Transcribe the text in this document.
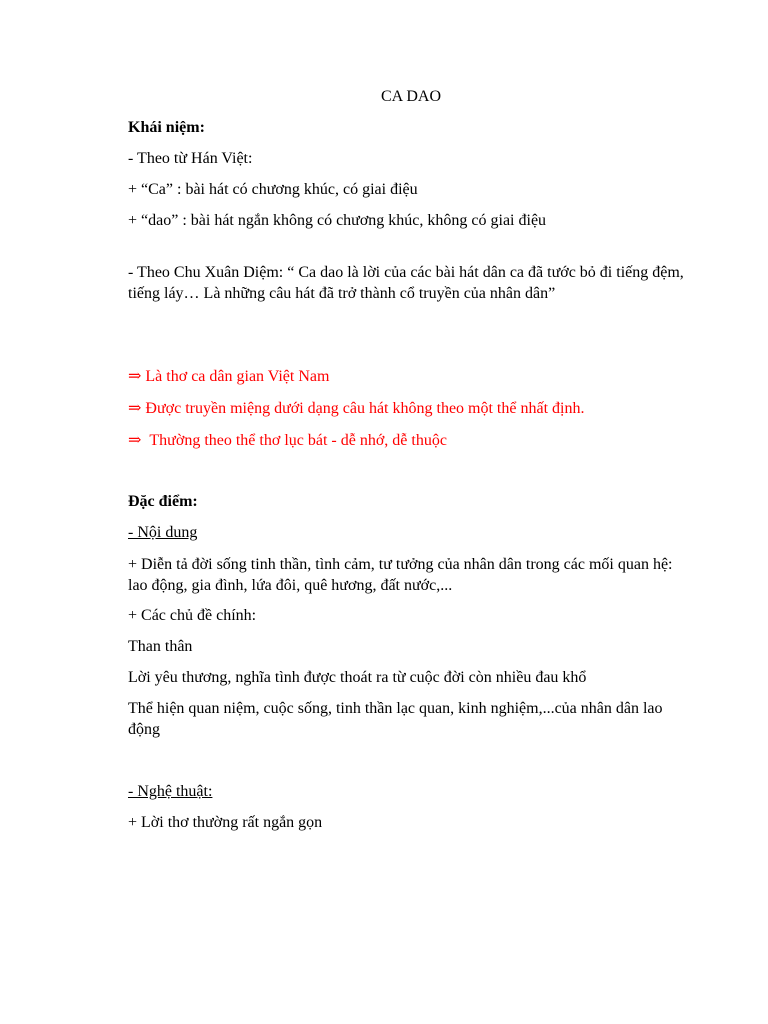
CA DAO
Khái niệm:
- Theo từ Hán Việt:
+ “Ca” : bài hát có chương khúc, có giai điệu
+ “dao” : bài hát ngắn không có chương khúc, không có giai điệu
- Theo Chu Xuân Diệm: “ Ca dao là lời của các bài hát dân ca đã tước bỏ đi tiếng đệm, tiếng láy… Là những câu hát đã trở thành cổ truyền của nhân dân”
⇒ Là thơ ca dân gian Việt Nam
⇒ Được truyền miệng dưới dạng câu hát không theo một thể nhất định.
⇒ Thường theo thể thơ lục bát - dễ nhớ, dễ thuộc
Đặc điểm:
- Nội dung
+ Diễn tả đời sống tinh thần, tình cảm, tư tưởng của nhân dân trong các mối quan hệ: lao động, gia đình, lứa đôi, quê hương, đất nước,...
+ Các chủ đề chính:
Than thân
Lời yêu thương, nghĩa tình được thoát ra từ cuộc đời còn nhiều đau khổ
Thể hiện quan niệm, cuộc sống, tinh thần lạc quan, kinh nghiệm,...của nhân dân lao động
- Nghệ thuật:
+ Lời thơ thường rất ngắn gọn
